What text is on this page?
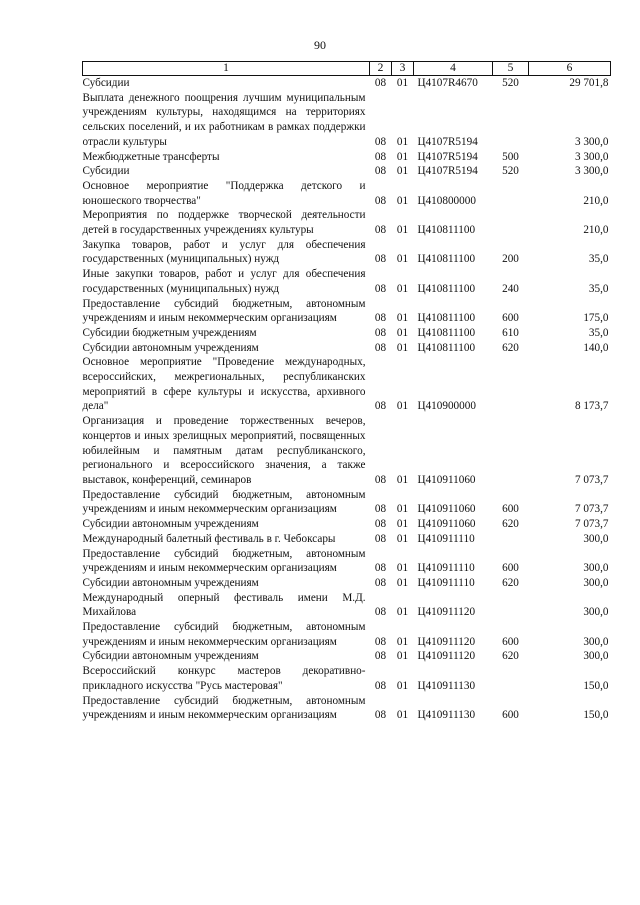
90
1	2	3	4	5	6
Субсидии	08	01	Ц4107R4670	520	29 701,8
Выплата денежного поощрения лучшим муниципальным учреждениям культуры, находящимся на территориях сельских поселений, и их работникам в рамках поддержки отрасли культуры	08	01	Ц4107R5194		3 300,0
Межбюджетные трансферты	08	01	Ц4107R5194	500	3 300,0
Субсидии	08	01	Ц4107R5194	520	3 300,0
Основное мероприятие "Поддержка детского и юношеского творчества"	08	01	Ц410800000		210,0
Мероприятия по поддержке творческой деятельности детей в государственных учреждениях культуры	08	01	Ц410811100		210,0
Закупка товаров, работ и услуг для обеспечения государственных (муниципальных) нужд	08	01	Ц410811100	200	35,0
Иные закупки товаров, работ и услуг для обеспечения государственных (муниципальных) нужд	08	01	Ц410811100	240	35,0
Предоставление субсидий бюджетным, автономным учреждениям и иным некоммерческим организациям	08	01	Ц410811100	600	175,0
Субсидии бюджетным учреждениям	08	01	Ц410811100	610	35,0
Субсидии автономным учреждениям	08	01	Ц410811100	620	140,0
Основное мероприятие "Проведение международных, всероссийских, межрегиональных, республиканских мероприятий в сфере культуры и искусства, архивного дела"	08	01	Ц410900000		8 173,7
Организация и проведение торжественных вечеров, концертов и иных зрелищных мероприятий, посвященных юбилейным и памятным датам республиканского, регионального и всероссийского значения, а также выставок, конференций, семинаров	08	01	Ц410911060		7 073,7
Предоставление субсидий бюджетным, автономным учреждениям и иным некоммерческим организациям	08	01	Ц410911060	600	7 073,7
Субсидии автономным учреждениям	08	01	Ц410911060	620	7 073,7
Международный балетный фестиваль в г. Чебоксары	08	01	Ц410911110		300,0
Предоставление субсидий бюджетным, автономным учреждениям и иным некоммерческим организациям	08	01	Ц410911110	600	300,0
Субсидии автономным учреждениям	08	01	Ц410911110	620	300,0
Международный оперный фестиваль имени М.Д. Михайлова	08	01	Ц410911120		300,0
Предоставление субсидий бюджетным, автономным учреждениям и иным некоммерческим организациям	08	01	Ц410911120	600	300,0
Субсидии автономным учреждениям	08	01	Ц410911120	620	300,0
Всероссийский конкурс мастеров декоративно-прикладного искусства "Русь мастеровая"	08	01	Ц410911130		150,0
Предоставление субсидий бюджетным, автономным учреждениям и иным некоммерческим организациям	08	01	Ц410911130	600	150,0
